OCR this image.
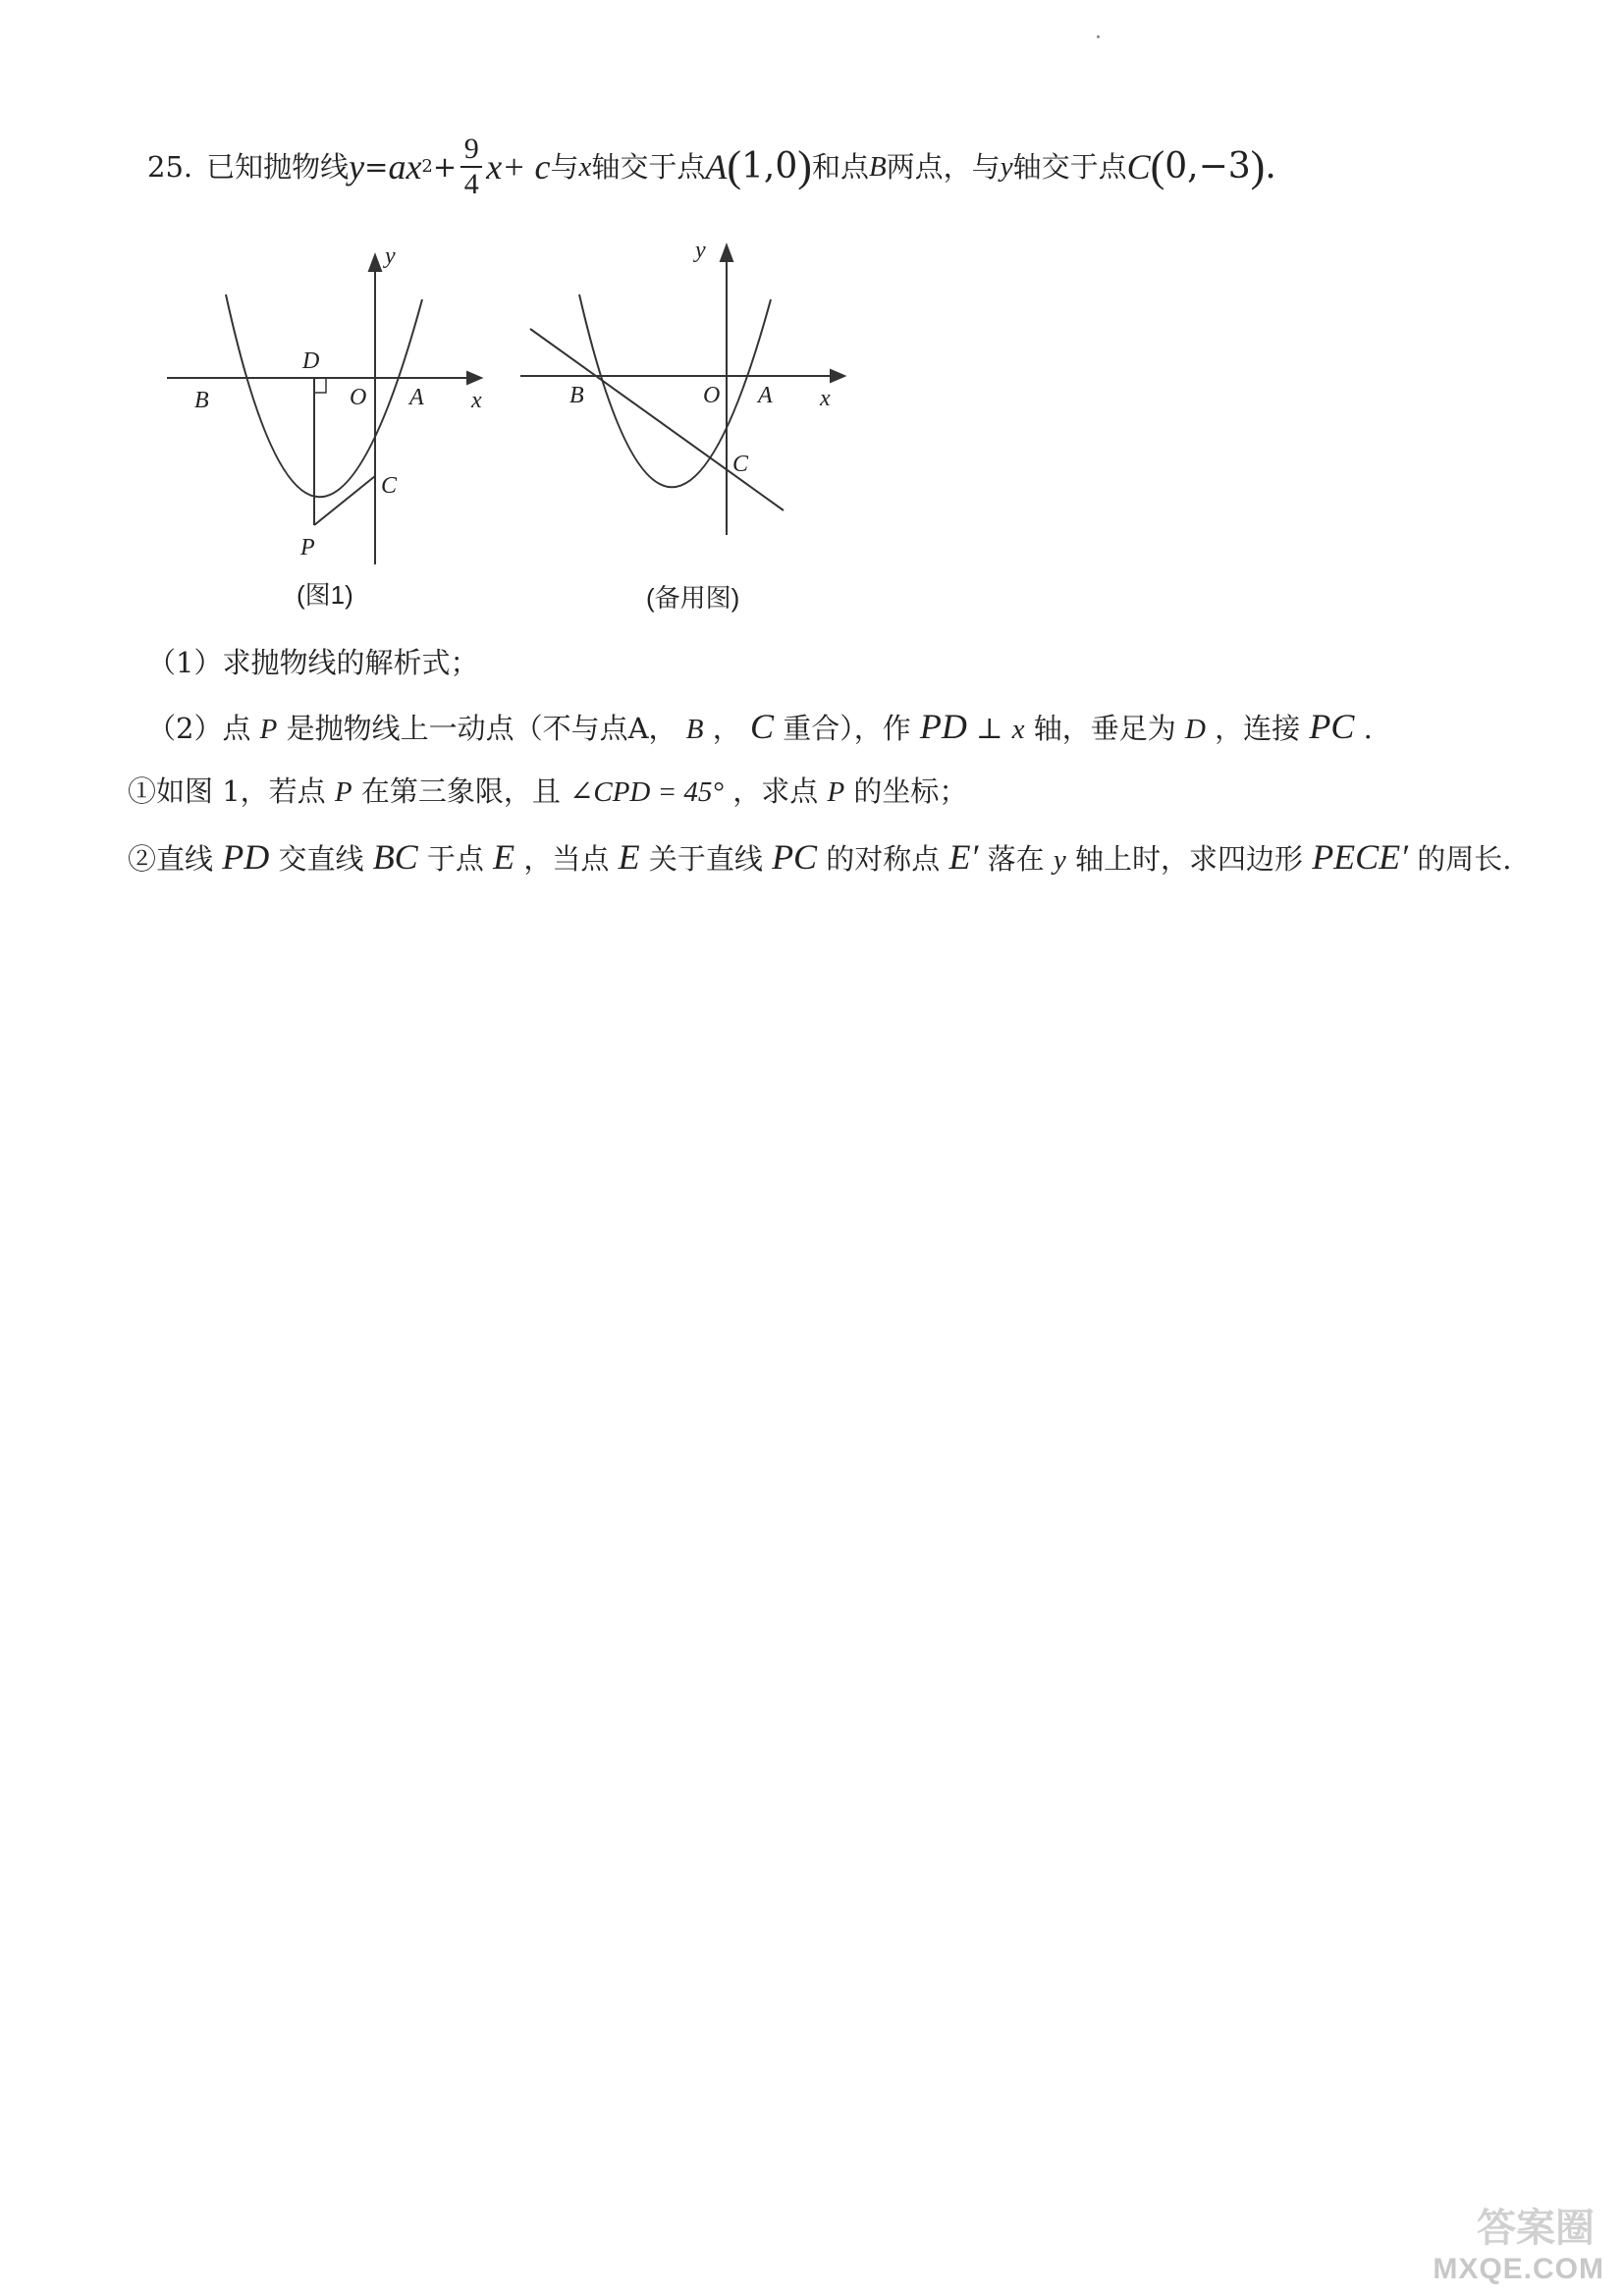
25. 已知抛物线 y = ax $2 + \frac{9}{4}$ x + c 与 x 轴交于点 A ( 1,0 ) 和点 B 两点，与 y 轴交于点 C ( 0,−3 ) .
y
x
B
D
O A
C
P
(图1)
y
x
B	O A
C
(备用图)
（1）求抛物线的解析式；
（2）点 P 是抛物线上一动点（不与点A， B ， C 重合），作 PD ⊥ x 轴，垂足为 D ，连接 PC .
①如图 1，若点 P 在第三象限，且 ∠CPD = 45° ，求点 P 的坐标；
②直线 PD 交直线 BC 于点 E ，当点 E 关于直线 PC 的对称点 E′ 落在 y 轴上时，求四边形 PECE′ 的周长.
答案圈
MXQE.COM
